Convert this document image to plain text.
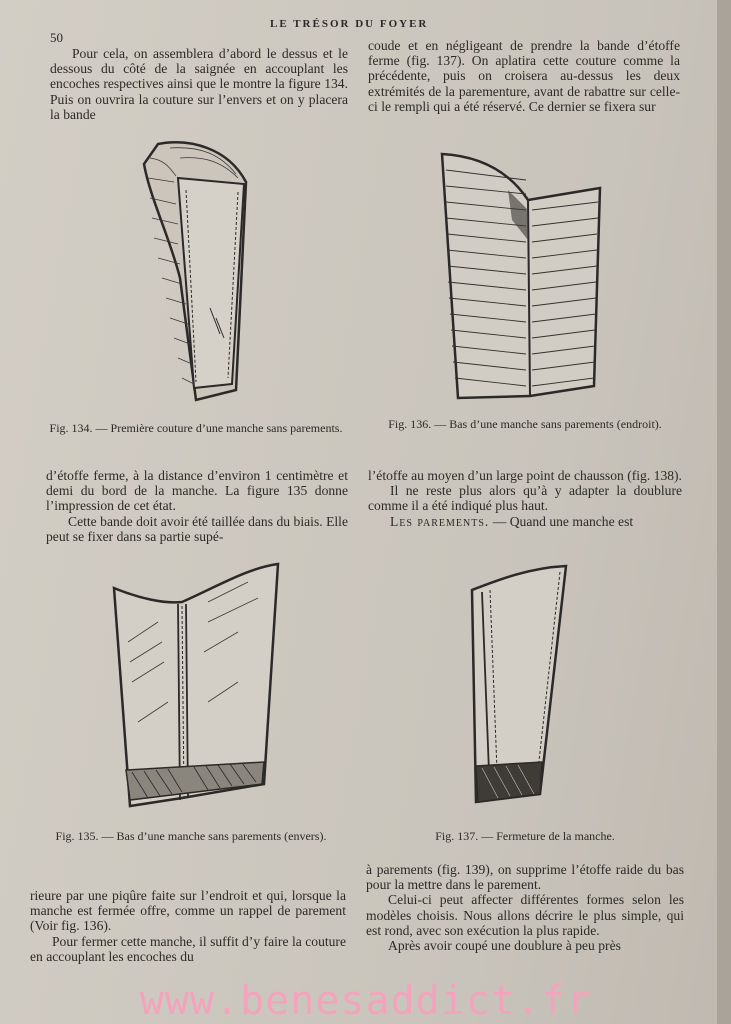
LE TRÉSOR DU FOYER
50

Pour cela, on assemblera d’abord le dessus et le dessous du côté de la saignée en accouplant les encoches respectives ainsi que le montre la figure 134. Puis on ouvrira la couture sur l’envers et on y placera la bande

coude et en négligeant de prendre la bande d’étoffe ferme (fig. 137). On aplatira cette couture comme la précédente, puis on croisera au-dessus les deux extrémités de la parementure, avant de rabattre sur celle-ci le rempli qui a été réservé. Ce dernier se fixera sur

Fig. 134. — Première couture d’une manche sans parements.	Fig. 136. — Bas d’une manche sans parements (endroit).

d’étoffe ferme, à la distance d’environ 1 centimètre et demi du bord de la manche. La figure 135 donne l’impression de cet état.

Cette bande doit avoir été taillée dans du biais. Elle peut se fixer dans sa partie supé-

l’étoffe au moyen d’un large point de chausson (fig. 138).

Il ne reste plus alors qu’à y adapter la doublure comme il a été indiqué plus haut.

Les parements. — Quand une manche est

Fig. 135. — Bas d’une manche sans parements (envers).	Fig. 137. — Fermeture de la manche.

rieure par une piqûre faite sur l’endroit et qui, lorsque la manche est fermée offre, comme un rappel de parement (Voir fig. 136).

Pour fermer cette manche, il suffit d’y faire la couture en accouplant les encoches du

à parements (fig. 139), on supprime l’étoffe raide du bas pour la mettre dans le parement.

Celui-ci peut affecter différentes formes selon les modèles choisis. Nous allons décrire le plus simple, qui est rond, avec son exécution la plus rapide.

Après avoir coupé une doublure à peu près

www.benesaddict.fr
